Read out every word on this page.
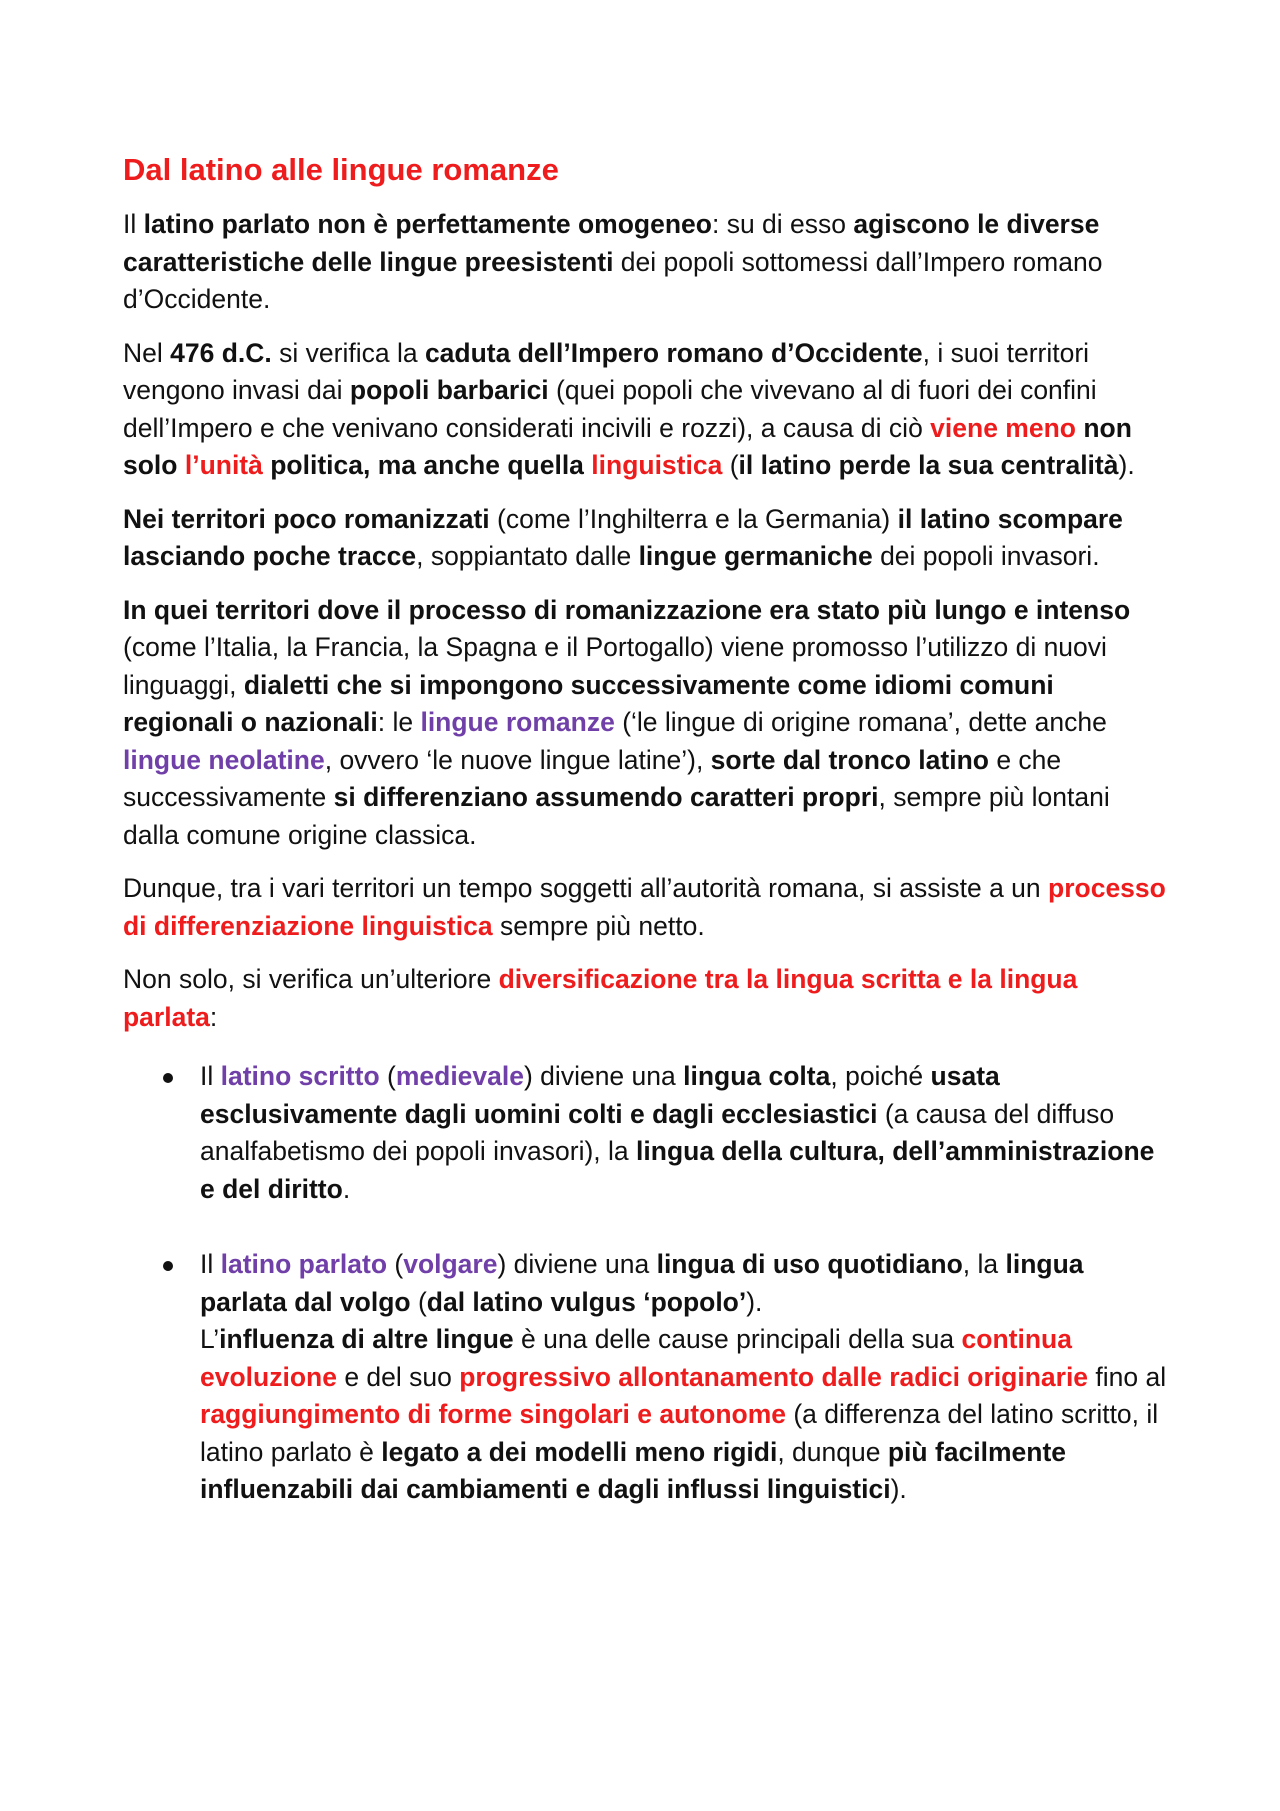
Dal latino alle lingue romanze

Il latino parlato non è perfettamente omogeneo: su di esso agiscono le diverse caratteristiche delle lingue preesistenti dei popoli sottomessi dall’Impero romano d’Occidente.

Nel 476 d.C. si verifica la caduta dell’Impero romano d’Occidente, i suoi territori vengono invasi dai popoli barbarici (quei popoli che vivevano al di fuori dei confini dell’Impero e che venivano considerati incivili e rozzi), a causa di ciò viene meno non solo l’unità politica, ma anche quella linguistica (il latino perde la sua centralità).

Nei territori poco romanizzati (come l’Inghilterra e la Germania) il latino scompare lasciando poche tracce, soppiantato dalle lingue germaniche dei popoli invasori.

In quei territori dove il processo di romanizzazione era stato più lungo e intenso (come l’Italia, la Francia, la Spagna e il Portogallo) viene promosso l’utilizzo di nuovi linguaggi, dialetti che si impongono successivamente come idiomi comuni regionali o nazionali: le lingue romanze (‘le lingue di origine romana’, dette anche lingue neolatine, ovvero ‘le nuove lingue latine’), sorte dal tronco latino e che successivamente si differenziano assumendo caratteri propri, sempre più lontani dalla comune origine classica.

Dunque, tra i vari territori un tempo soggetti all’autorità romana, si assiste a un processo di differenziazione linguistica sempre più netto.

Non solo, si verifica un’ulteriore diversificazione tra la lingua scritta e la lingua parlata:

Il latino scritto (medievale) diviene una lingua colta, poiché usata esclusivamente dagli uomini colti e dagli ecclesiastici (a causa del diffuso analfabetismo dei popoli invasori), la lingua della cultura, dell’amministrazione e del diritto.
Il latino parlato (volgare) diviene una lingua di uso quotidiano, la lingua parlata dal volgo (dal latino vulgus ‘popolo’).
L’influenza di altre lingue è una delle cause principali della sua continua evoluzione e del suo progressivo allontanamento dalle radici originarie fino al raggiungimento di forme singolari e autonome (a differenza del latino scritto, il latino parlato è legato a dei modelli meno rigidi, dunque più facilmente influenzabili dai cambiamenti e dagli influssi linguistici).
